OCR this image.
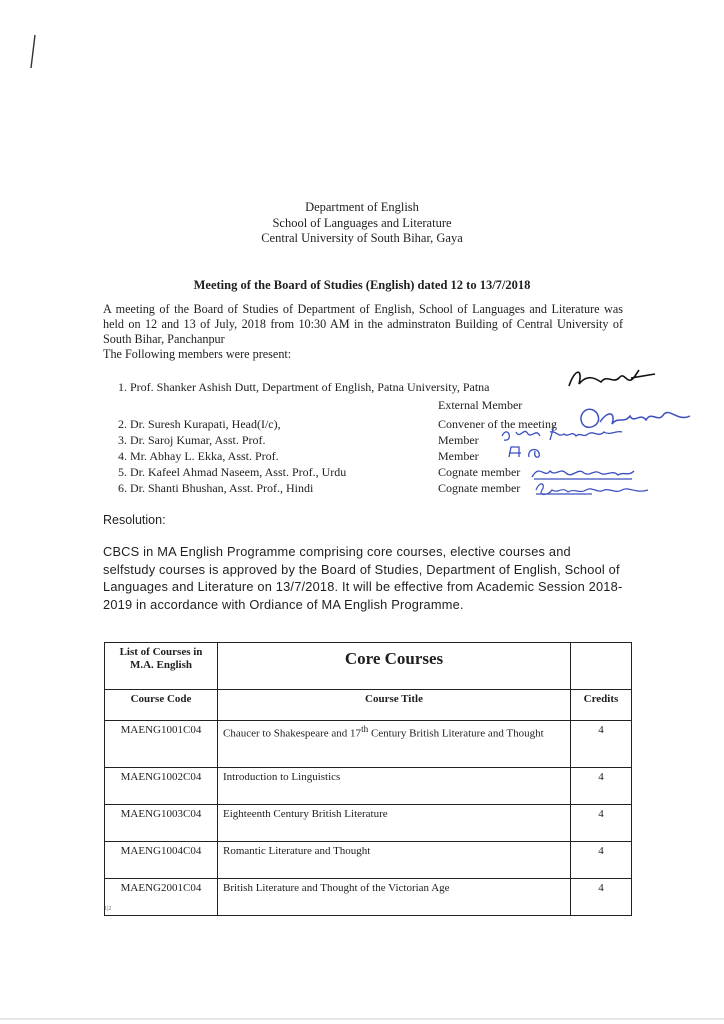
Department of English
School of Languages and Literature
Central University of South Bihar, Gaya
Meeting of the Board of Studies (English) dated 12 to 13/7/2018

A meeting of the Board of Studies of Department of English, School of Languages and Literature was held on 12 and 13 of July, 2018 from 10:30 AM in the adminstraton Building of Central University of South Bihar, Panchanpur

The Following members were present:

1. Prof. Shanker Ashish Dutt, Department of English, Patna University, Patna
External Member
2. Dr. Suresh Kurapati, Head(I/c),	Convener of the meeting
3. Dr. Saroj Kumar, Asst. Prof.	Member
4. Mr. Abhay L. Ekka, Asst. Prof.	Member
5. Dr. Kafeel Ahmad Naseem, Asst. Prof., Urdu	Cognate member
6. Dr. Shanti Bhushan, Asst. Prof., Hindi	Cognate member
Resolution:
CBCS in MA English Programme comprising core courses, elective courses and selfstudy courses is approved by the Board of Studies, Department of English, School of Languages and Literature on 13/7/2018. It will be effective from Academic Session 2018-2019 in accordance with Ordiance of MA English Programme.
List of Courses in M.A. English	Core Courses	
Course Code	Course Title	Credits
MAENG1001C04	Chaucer to Shakespeare and 17th Century British Literature and Thought	4
MAENG1002C04	Introduction to Linguistics	4
MAENG1003C04	Eighteenth Century British Literature	4
MAENG1004C04	Romantic Literature and Thought	4
MAENG2001C04	British Literature and Thought of the Victorian Age	4
1|2
